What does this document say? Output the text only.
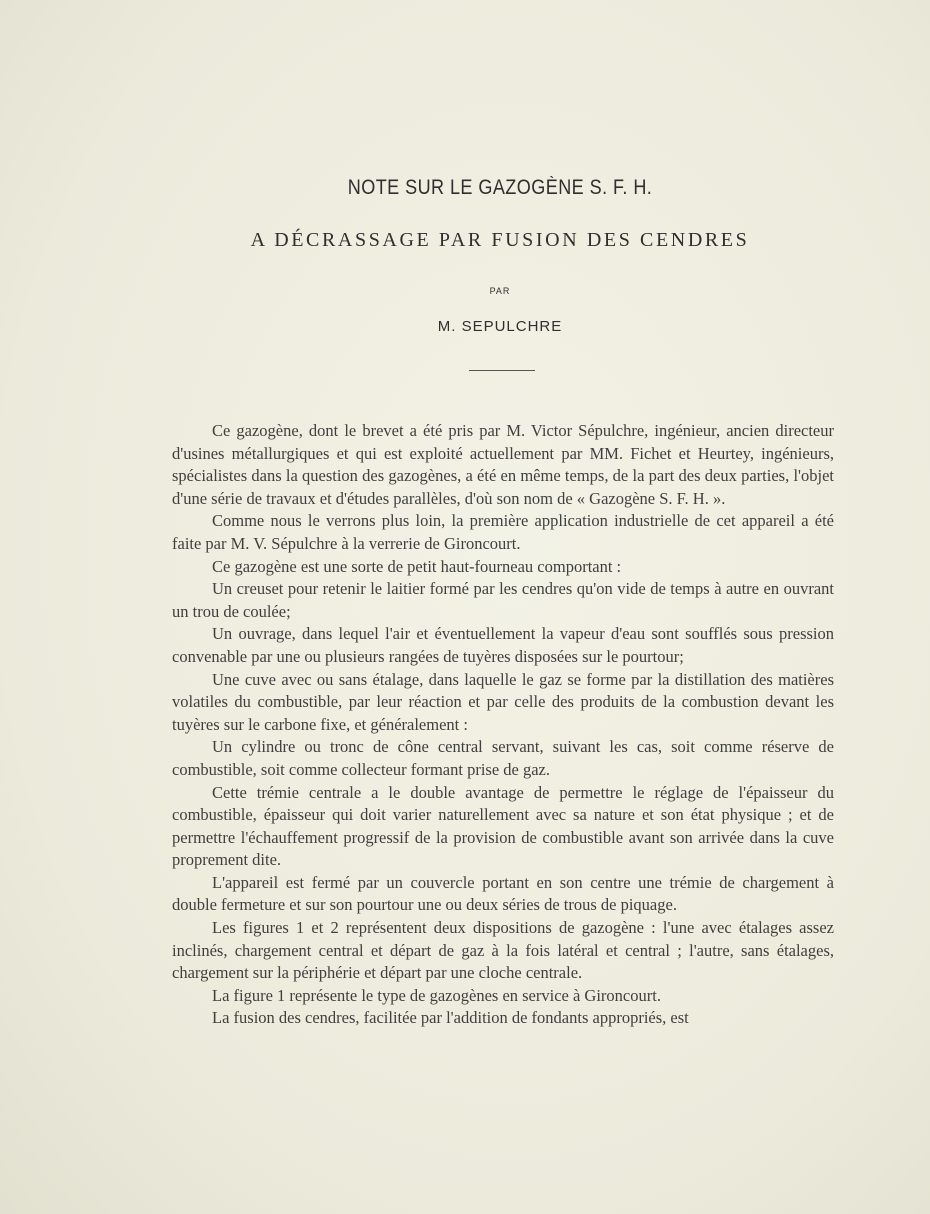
NOTE SUR LE GAZOGÈNE S. F. H.
A DÉCRASSAGE PAR FUSION DES CENDRES
PAR
M. SEPULCHRE

Ce gazogène, dont le brevet a été pris par M. Victor Sépulchre, ingénieur, ancien directeur d'usines métallurgiques et qui est exploité actuellement par MM. Fichet et Heurtey, ingénieurs, spécialistes dans la question des gazogènes, a été en même temps, de la part des deux parties, l'objet d'une série de travaux et d'études parallèles, d'où son nom de « Gazogène S. F. H. ».

Comme nous le verrons plus loin, la première application industrielle de cet appareil a été faite par M. V. Sépulchre à la verrerie de Gironcourt.

Ce gazogène est une sorte de petit haut-fourneau comportant :

Un creuset pour retenir le laitier formé par les cendres qu'on vide de temps à autre en ouvrant un trou de coulée;

Un ouvrage, dans lequel l'air et éventuellement la vapeur d'eau sont soufflés sous pression convenable par une ou plusieurs rangées de tuyères disposées sur le pourtour;

Une cuve avec ou sans étalage, dans laquelle le gaz se forme par la distillation des matières volatiles du combustible, par leur réaction et par celle des produits de la combustion devant les tuyères sur le carbone fixe, et généralement :

Un cylindre ou tronc de cône central servant, suivant les cas, soit comme réserve de combustible, soit comme collecteur formant prise de gaz.

Cette trémie centrale a le double avantage de permettre le réglage de l'épaisseur du combustible, épaisseur qui doit varier naturellement avec sa nature et son état physique ; et de permettre l'échauffement progressif de la provision de combustible avant son arrivée dans la cuve proprement dite.

L'appareil est fermé par un couvercle portant en son centre une trémie de chargement à double fermeture et sur son pourtour une ou deux séries de trous de piquage.

Les figures 1 et 2 représentent deux dispositions de gazogène : l'une avec étalages assez inclinés, chargement central et départ de gaz à la fois latéral et central ; l'autre, sans étalages, chargement sur la périphérie et départ par une cloche centrale.

La figure 1 représente le type de gazogènes en service à Gironcourt.

La fusion des cendres, facilitée par l'addition de fondants appropriés, est
